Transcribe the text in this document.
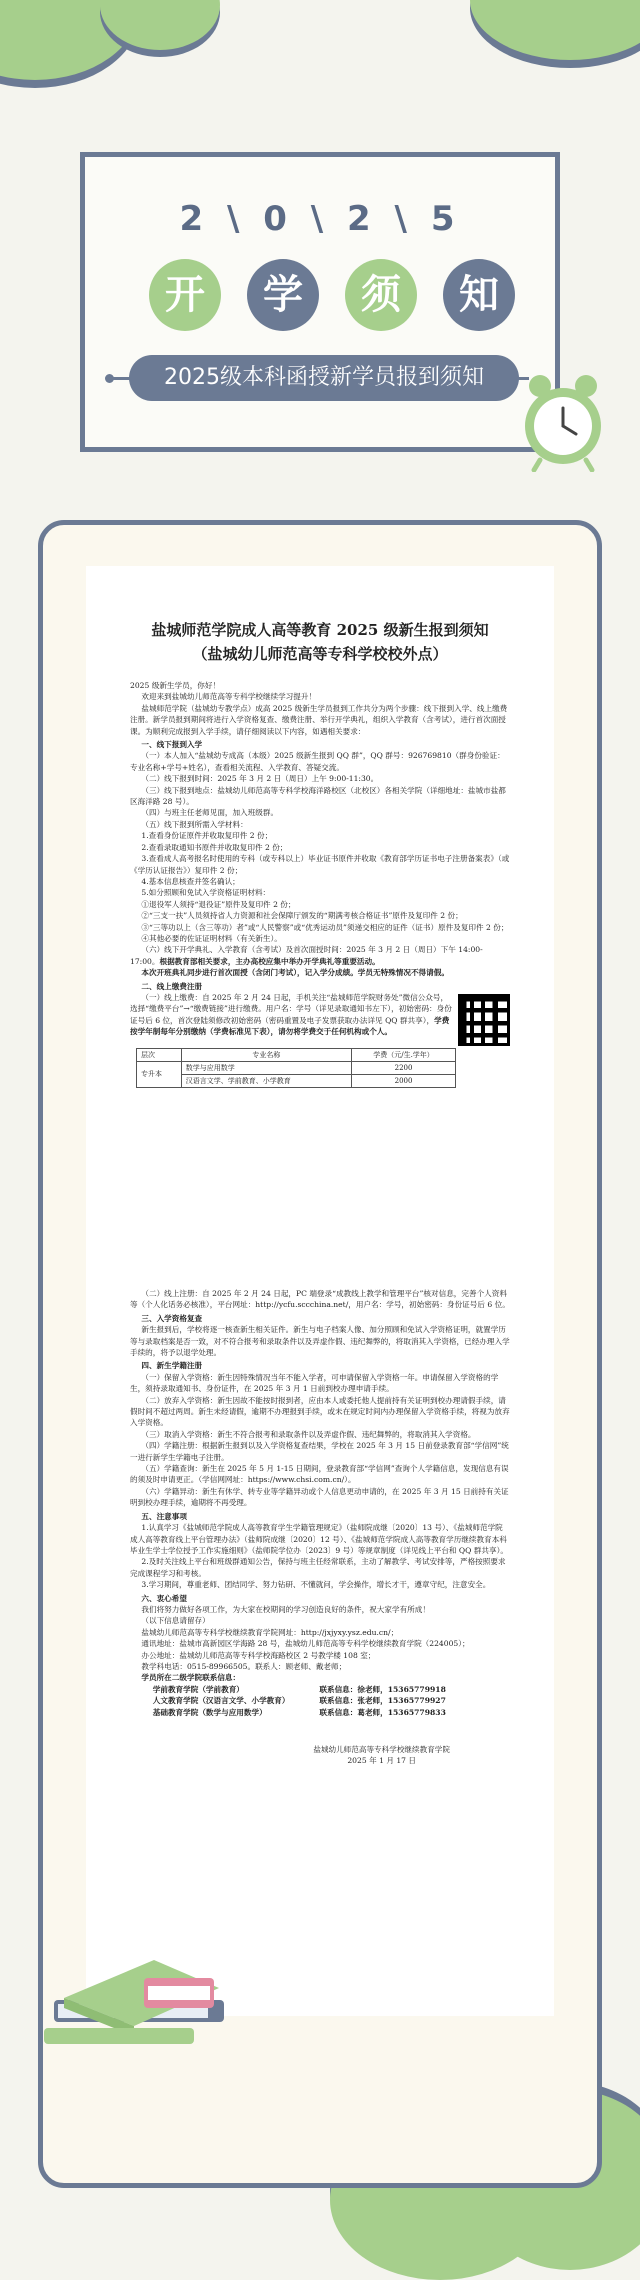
2 \ 0 \ 2 \ 5
开	学	须	知
2025级本科函授新学员报到须知
盐城师范学院成人高等教育 2025 级新生报到须知
（盐城幼儿师范高等专科学校校外点）

2025 级新生学员，你好！

欢迎来到盐城幼儿师范高等专科学校继续学习提升！

盐城师范学院（盐城幼专教学点）成高 2025 级新生学员报到工作共分为两个步骤：线下报到入学、线上缴费注册。新学员报到期间将进行入学资格复查、缴费注册、举行开学典礼，组织入学教育（含考试），进行首次面授课。为顺利完成报到入学手续，请仔细阅读以下内容，如遇相关要求：

一、线下报到入学

（一）本人加入“盐城幼专成高（本级）2025 级新生报到 QQ 群”，QQ 群号：926769810（群身份验证：专业名称+学号+姓名），查看相关流程、入学教育、答疑交流。

（二）线下报到时间：2025 年 3 月 2 日（周日）上午 9:00-11:30。

（三）线下报到地点：盐城幼儿师范高等专科学校海洋路校区（北校区）各相关学院（详细地址：盐城市盐都区海洋路 28 号）。

（四）与班主任老师见面，加入班级群。

（五）线下报到所需入学材料：

1.查看身份证原件并收取复印件 2 份；

2.查看录取通知书原件并收取复印件 2 份；

3.查看成人高考报名时使用的专科（或专科以上）毕业证书原件并收取《教育部学历证书电子注册备案表》（或《学历认证报告》）复印件 2 份；

4.基本信息核查并签名确认；

5.如分照顾和免试入学资格证明材料：

①退役军人须持“退役证”原件及复印件 2 份；

②“三支一扶”人员须持省人力资源和社会保障厅颁发的“期满考核合格证书”原件及复印件 2 份；

③“三等功以上（含三等功）者”或“人民警察”或“优秀运动员”须递交相应的证件（证书）原件及复印件 2 份；

④其他必要的佐证证明材料（有关新生）。

（六）线下开学典礼、入学教育（含考试）及首次面授时间：2025 年 3 月 2 日（周日）下午 14:00-17:00。根据教育部相关要求，主办高校应集中举办开学典礼等重要活动。

本次开班典礼同步进行首次面授（含闭门考试），记入学分成绩。学员无特殊情况不得请假。

二、线上缴费注册

（一）线上缴费：自 2025 年 2 月 24 日起，手机关注“盐城师范学院财务处”微信公众号，选择“缴费平台”→“缴费链接”进行缴费。用户名：学号（详见录取通知书左下），初始密码：身份证号后 6 位，首次登陆须修改初始密码（密码重置及电子发票获取办法详见 QQ 群共享），学费按学年制每年分别缴纳（学费标准见下表），请勿将学费交于任何机构或个人。

层次	专业名称	学费（元/生.学年）
专升本	数学与应用数学	2200
	汉语言文学、学前教育、小学教育	2000

（二）线上注册：自 2025 年 2 月 24 日起，PC 端登录“成教线上教学和管理平台”核对信息，完善个人资料等（个人化话务必核准），平台网址：http://ycfu.sccchina.net/，用户名：学号，初始密码：身份证号后 6 位。

三、入学资格复查

新生报到后，学校将逐一核查新生相关证件。新生与电子档案人像、加分照顾和免试入学资格证明，就置学历等与录取档案是否一致，对不符合报考和录取条件以及弄虚作假、违纪舞弊的，将取消其入学资格，已经办理入学手续的，将予以退学处理。

四、新生学籍注册

（一）保留入学资格：新生因特殊情况当年不能入学者，可申请保留入学资格一年。申请保留入学资格的学生，须持录取通知书、身份证件，在 2025 年 3 月 1 日前到校办理申请手续。

（二）放弃入学资格：新生因故不能按时报到者，应由本人或委托他人提前持有关证明到校办理请假手续，请假时间不超过两周。新生未经请假，逾期不办理报到手续，或未在规定时间内办理保留入学资格手续，将视为放弃入学资格。

（三）取消入学资格：新生不符合报考和录取条件以及弄虚作假、违纪舞弊的，将取消其入学资格。

（四）学籍注册：根据新生报到以及入学资格复查结果，学校在 2025 年 3 月 15 日前登录教育部“学信网”统一进行新学生学籍电子注册。

（五）学籍查询：新生在 2025 年 5 月 1-15 日期间，登录教育部“学信网”查询个人学籍信息，发现信息有误的须及时申请更正。（学信网网址：https://www.chsi.com.cn/）。

（六）学籍异动：新生有休学、转专业等学籍异动或个人信息更动申请的，在 2025 年 3 月 15 日前持有关证明到校办理手续，逾期将不再受理。

五、注意事项

1.认真学习《盐城师范学院成人高等教育学生学籍管理规定》（盐师院成继〔2020〕13 号）、《盐城师范学院成人高等教育线上平台管理办法》（盐师院成继〔2020〕12 号）、《盐城师范学院成人高等教育学历继续教育本科毕业生学士学位授予工作实施细则》（盐师院学位办〔2023〕9 号）等规章制度（详见线上平台和 QQ 群共享）。

2.及时关注线上平台和班级群通知公告，保持与班主任经常联系，主动了解教学、考试安排等，严格按照要求完成课程学习和考核。

3.学习期间，尊重老师、团结同学、努力钻研、不懂就问，学会操作，增长才干，遵章守纪，注意安全。

六、衷心希望

我们将努力做好各项工作，为大家在校期间的学习创造良好的条件，祝大家学有所成！

（以下信息请留存）

盐城幼儿师范高等专科学校继续教育学院网址：http://jxjyxy.ysz.edu.cn/；

通讯地址：盐城市高新园区学海路 28 号，盐城幼儿师范高等专科学校继续教育学院（224005）；

办公地址：盐城幼儿师范高等专科学校海路校区 2 号教学楼 108 室；

教学科电话：0515-89966505。联系人：顾老师、戴老师；

学员所在二级学院联系信息：

学前教育学院（学前教育）	联系信息：徐老师，15365779918

人文教育学院（汉语言文学、小学教育）	联系信息：张老师，15365779927

基础教育学院（数学与应用数学）	联系信息：葛老师，15365779833

盐城幼儿师范高等专科学校继续教育学院

2025 年 1 月 17 日
